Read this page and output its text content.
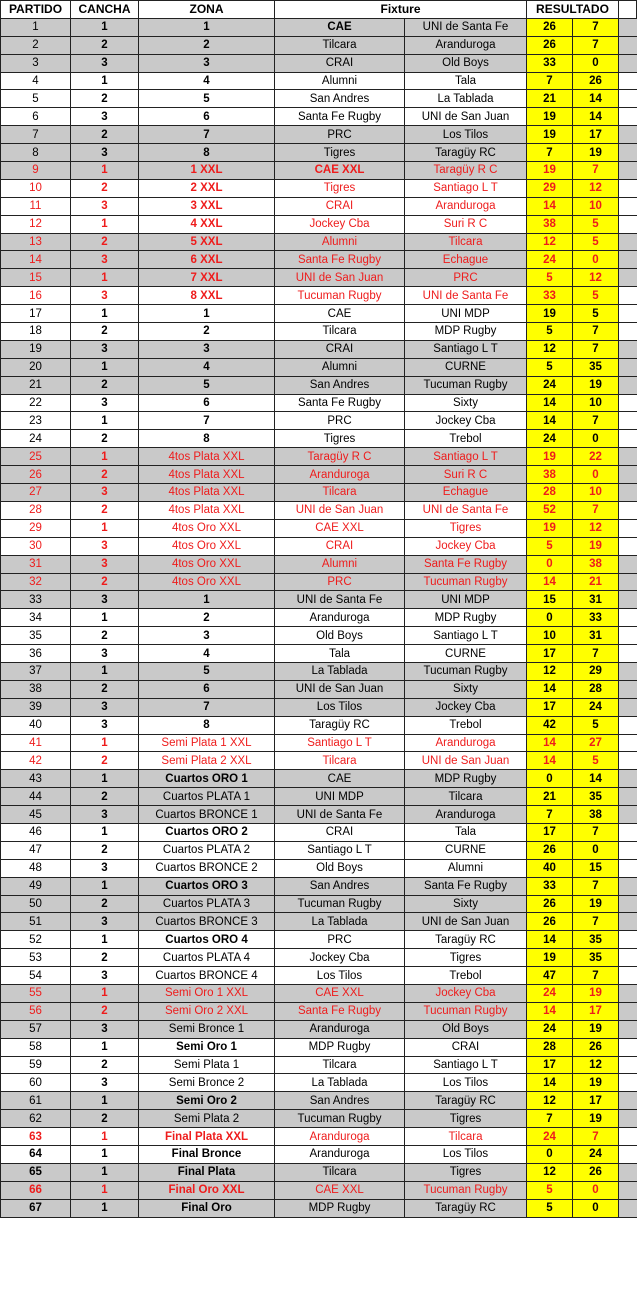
PARTIDO	CANCHA	ZONA	Fixture		RESULTADO		
1	1	1	CAE	UNI de Santa Fe	26	7	
2	2	2	Tilcara	Aranduroga	26	7	
3	3	3	CRAI	Old Boys	33	0	
4	1	4	Alumni	Tala	7	26	
5	2	5	San Andres	La Tablada	21	14	
6	3	6	Santa Fe Rugby	UNI de San Juan	19	14	
7	2	7	PRC	Los Tilos	19	17	
8	3	8	Tigres	Taragüy RC	7	19	
9	1	1 XXL	CAE XXL	Taragüy R C	19	7	
10	2	2 XXL	Tigres	Santiago L T	29	12	
11	3	3 XXL	CRAI	Aranduroga	14	10	
12	1	4 XXL	Jockey Cba	Suri R C	38	5	
13	2	5 XXL	Alumni	Tilcara	12	5	
14	3	6 XXL	Santa Fe Rugby	Echague	24	0	
15	1	7 XXL	UNI de San Juan	PRC	5	12	
16	3	8 XXL	Tucuman Rugby	UNI de Santa Fe	33	5	
17	1	1	CAE	UNI MDP	19	5	
18	2	2	Tilcara	MDP Rugby	5	7	
19	3	3	CRAI	Santiago L T	12	7	
20	1	4	Alumni	CURNE	5	35	
21	2	5	San Andres	Tucuman Rugby	24	19	
22	3	6	Santa Fe Rugby	Sixty	14	10	
23	1	7	PRC	Jockey Cba	14	7	
24	2	8	Tigres	Trebol	24	0	
25	1	4tos Plata XXL	Taragüy R C	Santiago L T	19	22	
26	2	4tos Plata XXL	Aranduroga	Suri R C	38	0	
27	3	4tos Plata XXL	Tilcara	Echague	28	10	
28	2	4tos Plata XXL	UNI de San Juan	UNI de Santa Fe	52	7	
29	1	4tos Oro XXL	CAE XXL	Tigres	19	12	
30	3	4tos Oro XXL	CRAI	Jockey Cba	5	19	
31	3	4tos Oro XXL	Alumni	Santa Fe Rugby	0	38	
32	2	4tos Oro XXL	PRC	Tucuman Rugby	14	21	
33	3	1	UNI de Santa Fe	UNI MDP	15	31	
34	1	2	Aranduroga	MDP Rugby	0	33	
35	2	3	Old Boys	Santiago L T	10	31	
36	3	4	Tala	CURNE	17	7	
37	1	5	La Tablada	Tucuman Rugby	12	29	
38	2	6	UNI de San Juan	Sixty	14	28	
39	3	7	Los Tilos	Jockey Cba	17	24	
40	3	8	Taragüy RC	Trebol	42	5	
41	1	Semi Plata 1 XXL	Santiago L T	Aranduroga	14	27	
42	2	Semi Plata 2 XXL	Tilcara	UNI de San Juan	14	5	
43	1	Cuartos ORO 1	CAE	MDP Rugby	0	14	
44	2	Cuartos PLATA 1	UNI MDP	Tilcara	21	35	
45	3	Cuartos BRONCE 1	UNI de Santa Fe	Aranduroga	7	38	
46	1	Cuartos ORO 2	CRAI	Tala	17	7	
47	2	Cuartos PLATA 2	Santiago L T	CURNE	26	0	
48	3	Cuartos BRONCE 2	Old Boys	Alumni	40	15	
49	1	Cuartos ORO 3	San Andres	Santa Fe Rugby	33	7	
50	2	Cuartos PLATA 3	Tucuman Rugby	Sixty	26	19	
51	3	Cuartos BRONCE 3	La Tablada	UNI de San Juan	26	7	
52	1	Cuartos ORO 4	PRC	Taragüy RC	14	35	
53	2	Cuartos PLATA 4	Jockey Cba	Tigres	19	35	
54	3	Cuartos BRONCE 4	Los Tilos	Trebol	47	7	
55	1	Semi Oro 1 XXL	CAE XXL	Jockey Cba	24	19	
56	2	Semi Oro 2 XXL	Santa Fe Rugby	Tucuman Rugby	14	17	
57	3	Semi Bronce 1	Aranduroga	Old Boys	24	19	
58	1	Semi Oro 1	MDP Rugby	CRAI	28	26	
59	2	Semi Plata 1	Tilcara	Santiago L T	17	12	
60	3	Semi Bronce 2	La Tablada	Los Tilos	14	19	
61	1	Semi Oro 2	San Andres	Taragüy RC	12	17	
62	2	Semi Plata 2	Tucuman Rugby	Tigres	7	19	
63	1	Final Plata XXL	Aranduroga	Tilcara	24	7	
64	1	Final Bronce	Aranduroga	Los Tilos	0	24	
65	1	Final Plata	Tilcara	Tigres	12	26	
66	1	Final Oro XXL	CAE XXL	Tucuman Rugby	5	0	
67	1	Final Oro	MDP Rugby	Taragüy RC	5	0	
